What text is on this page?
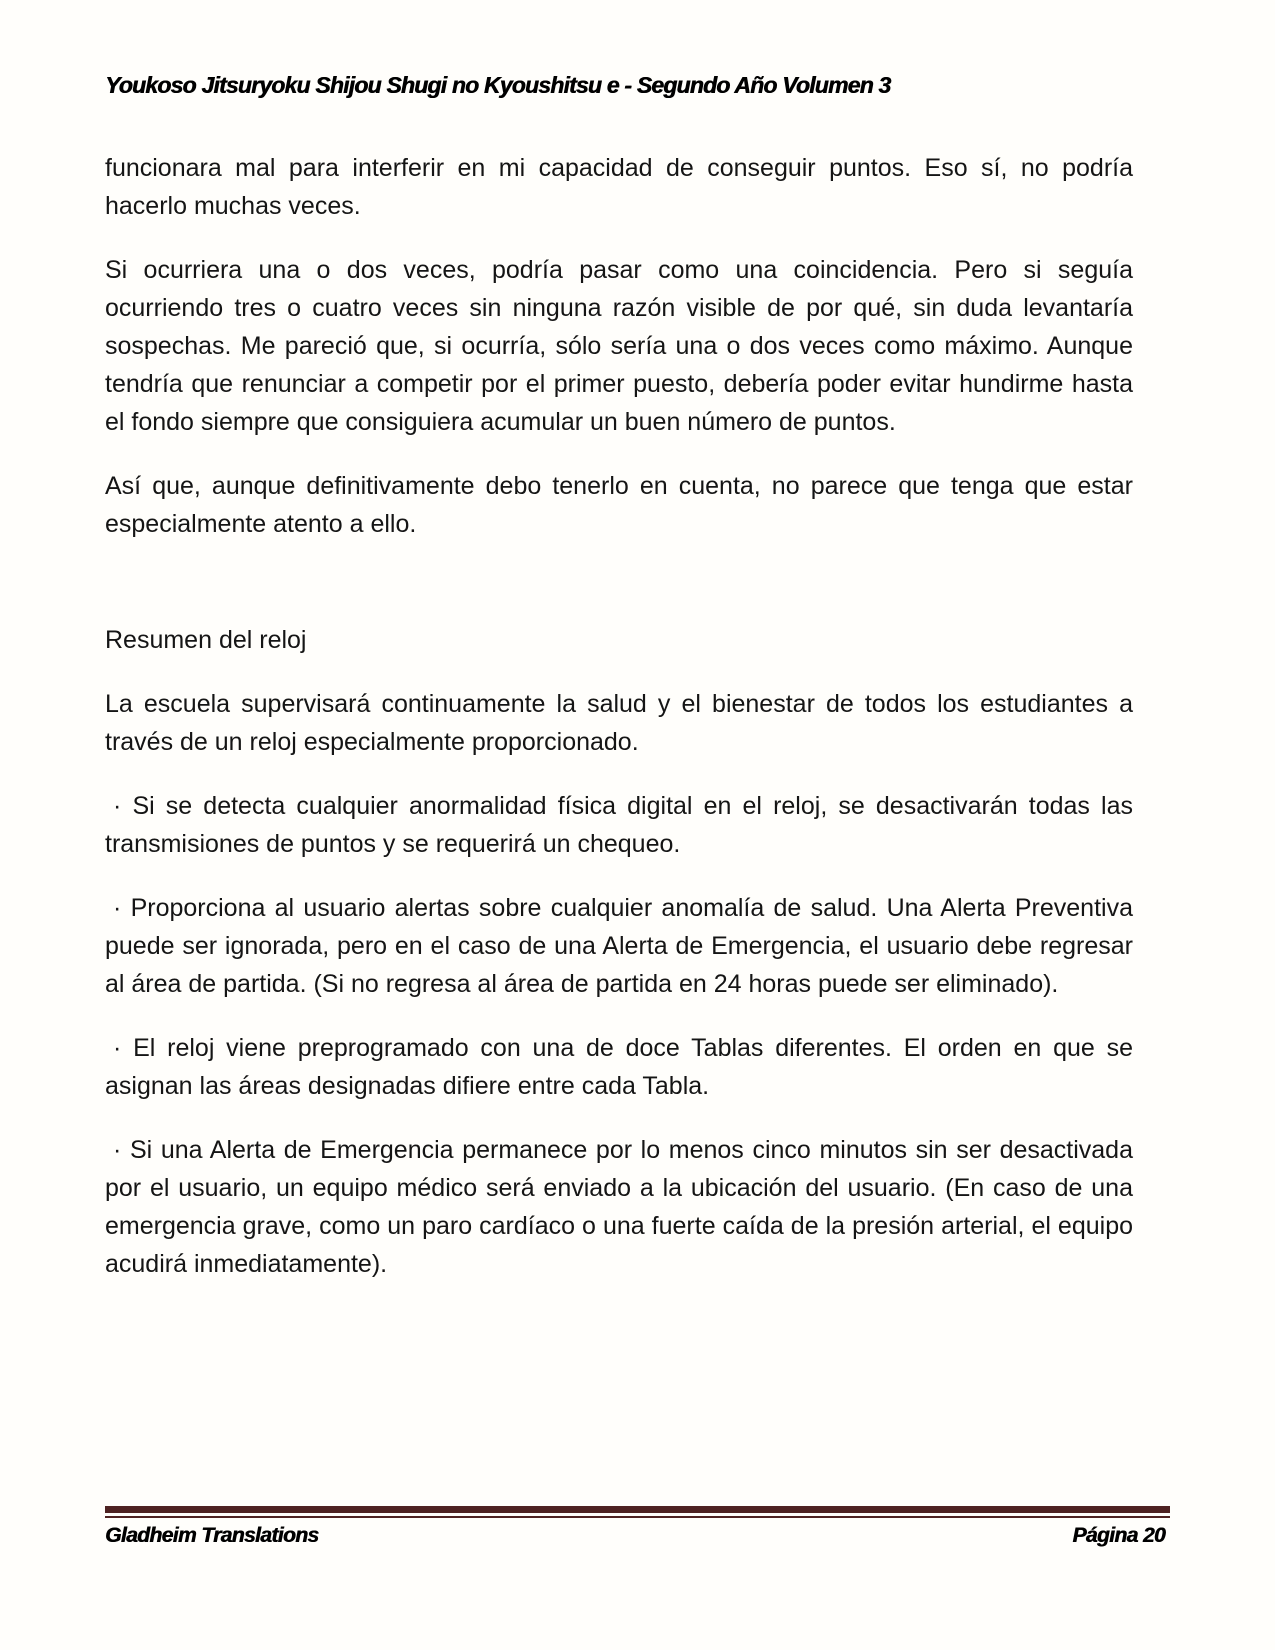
Youkoso Jitsuryoku Shijou Shugi no Kyoushitsu e - Segundo Año Volumen 3

funcionara mal para interferir en mi capacidad de conseguir puntos. Eso sí, no podría hacerlo muchas veces.

Si ocurriera una o dos veces, podría pasar como una coincidencia. Pero si seguía ocurriendo tres o cuatro veces sin ninguna razón visible de por qué, sin duda levantaría sospechas. Me pareció que, si ocurría, sólo sería una o dos veces como máximo. Aunque tendría que renunciar a competir por el primer puesto, debería poder evitar hundirme hasta el fondo siempre que consiguiera acumular un buen número de puntos.

Así que, aunque definitivamente debo tenerlo en cuenta, no parece que tenga que estar especialmente atento a ello.

Resumen del reloj

La escuela supervisará continuamente la salud y el bienestar de todos los estudiantes a través de un reloj especialmente proporcionado.

· Si se detecta cualquier anormalidad física digital en el reloj, se desactivarán todas las transmisiones de puntos y se requerirá un chequeo.

· Proporciona al usuario alertas sobre cualquier anomalía de salud. Una Alerta Preventiva puede ser ignorada, pero en el caso de una Alerta de Emergencia, el usuario debe regresar al área de partida. (Si no regresa al área de partida en 24 horas puede ser eliminado).

· El reloj viene preprogramado con una de doce Tablas diferentes. El orden en que se asignan las áreas designadas difiere entre cada Tabla.

· Si una Alerta de Emergencia permanece por lo menos cinco minutos sin ser desactivada por el usuario, un equipo médico será enviado a la ubicación del usuario. (En caso de una emergencia grave, como un paro cardíaco o una fuerte caída de la presión arterial, el equipo acudirá inmediatamente).

Gladheim Translations	Página 20
